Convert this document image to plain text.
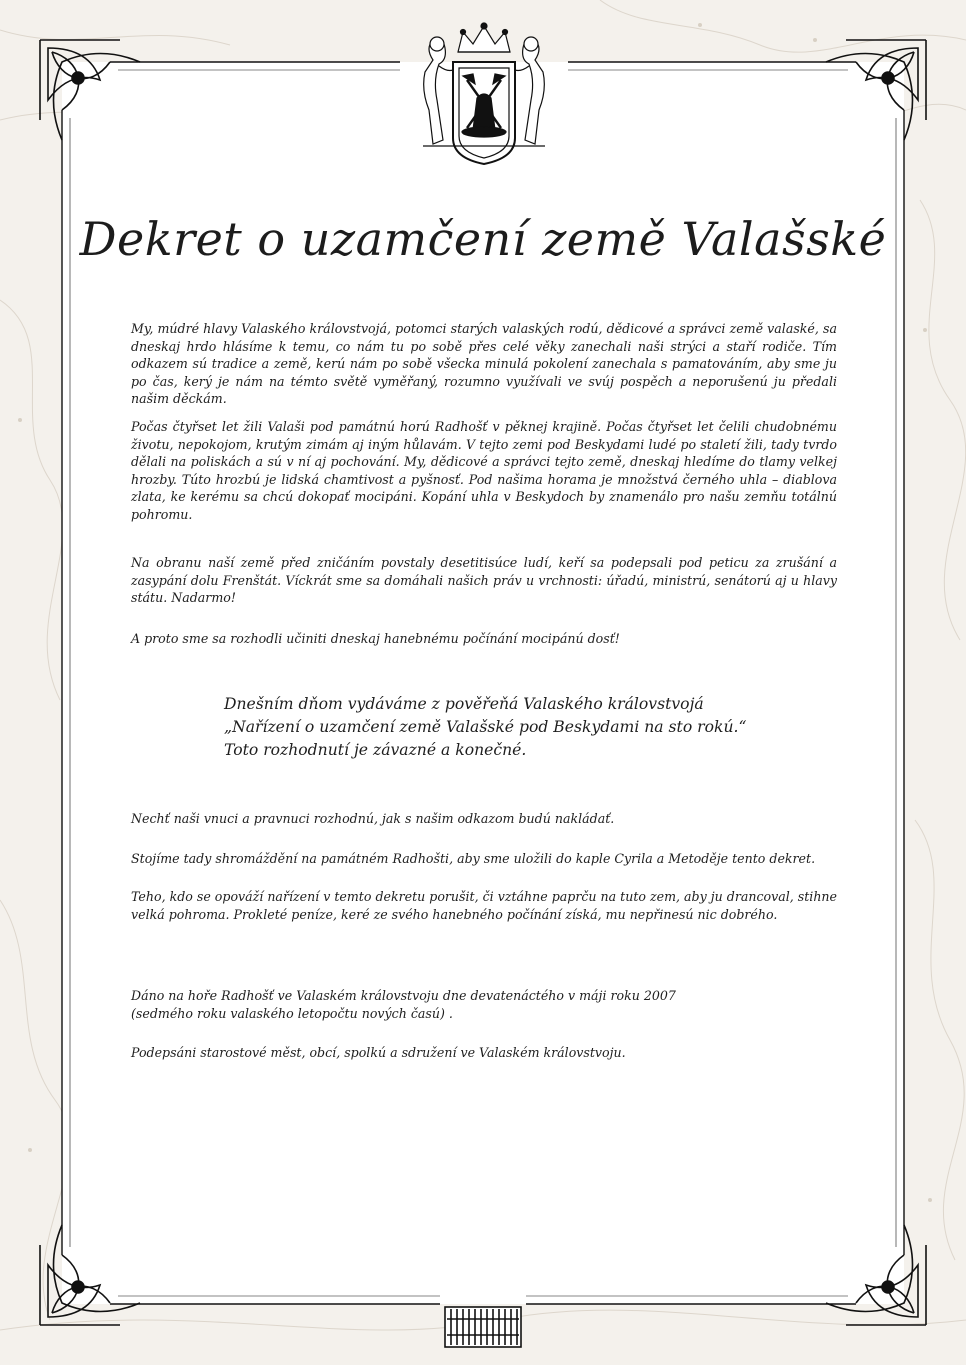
Dekret o uzamčení země Valašské

My, múdré hlavy Valaského královstvojá, potomci starých valaských rodú, dědicové a správci země valaské, sa dneskaj hrdo hlásíme k temu, co nám tu po sobě přes celé věky zanechali naši strýci a staří rodiče. Tím odkazem sú tradice a země, kerú nám po sobě všecka minulá pokolení zanechala s pamatováním, aby sme ju po čas, kerý je nám na témto světě vyměřaný, rozumno využívali ve svúj pospěch a neporušenú ju předali našim děckám.

Počas čtyřset let žili Valaši pod památnú horú Radhošť v pěknej krajině. Počas čtyřset let čelili chudobnému životu, nepokojom, krutým zimám aj iným hůlavám. V tejto zemi pod Beskydami ludé po staletí žili, tady tvrdo dělali na poliskách a sú v ní aj pochování. My, dědicové a správci tejto země, dneskaj hledíme do tlamy velkej hrozby. Túto hrozbú je lidská chamtivost a pyšnosť. Pod našima horama je množstvá černého uhla – diablova zlata, ke kerému sa chcú dokopať mocipáni. Kopání uhla v Beskydoch by znamenálo pro našu zemňu totálnú pohromu.

Na obranu naší země před zničáním povstaly desetitisúce ludí, keří sa podepsali pod peticu za zrušání a zasypání dolu Frenštát. Víckrát sme sa domáhali našich práv u vrchnosti: úřadú, ministrú, senátorú aj u hlavy státu. Nadarmo!

A proto sme sa rozhodli učiniti dneskaj hanebnému počínání mocipánú dosť!

Dnešním dňom vydáváme z pověřeňá Valaského královstvojá
„Nařízení o uzamčení země Valašské pod Beskydami na sto rokú.“
Toto rozhodnutí je závazné a konečné.

Nechť naši vnuci a pravnuci rozhodnú, jak s našim odkazom budú nakládať.

Stojíme tady shromáždění na památném Radhošti, aby sme uložili do kaple Cyrila a Metoděje tento dekret.

Teho, kdo se opováží nařízení v temto dekretu porušit, či vztáhne paprču na tuto zem, aby ju drancoval, stihne velká pohroma. Prokleté peníze, keré ze svého hanebného počínání získá, mu nepřinesú nic dobrého.

Dáno na hoře Radhošť ve Valaském královstvoju dne devatenáctého v máji roku 2007
(sedmého roku valaského letopočtu nových časú) .

Podepsáni starostové měst, obcí, spolkú a sdružení ve Valaském královstvoju.
